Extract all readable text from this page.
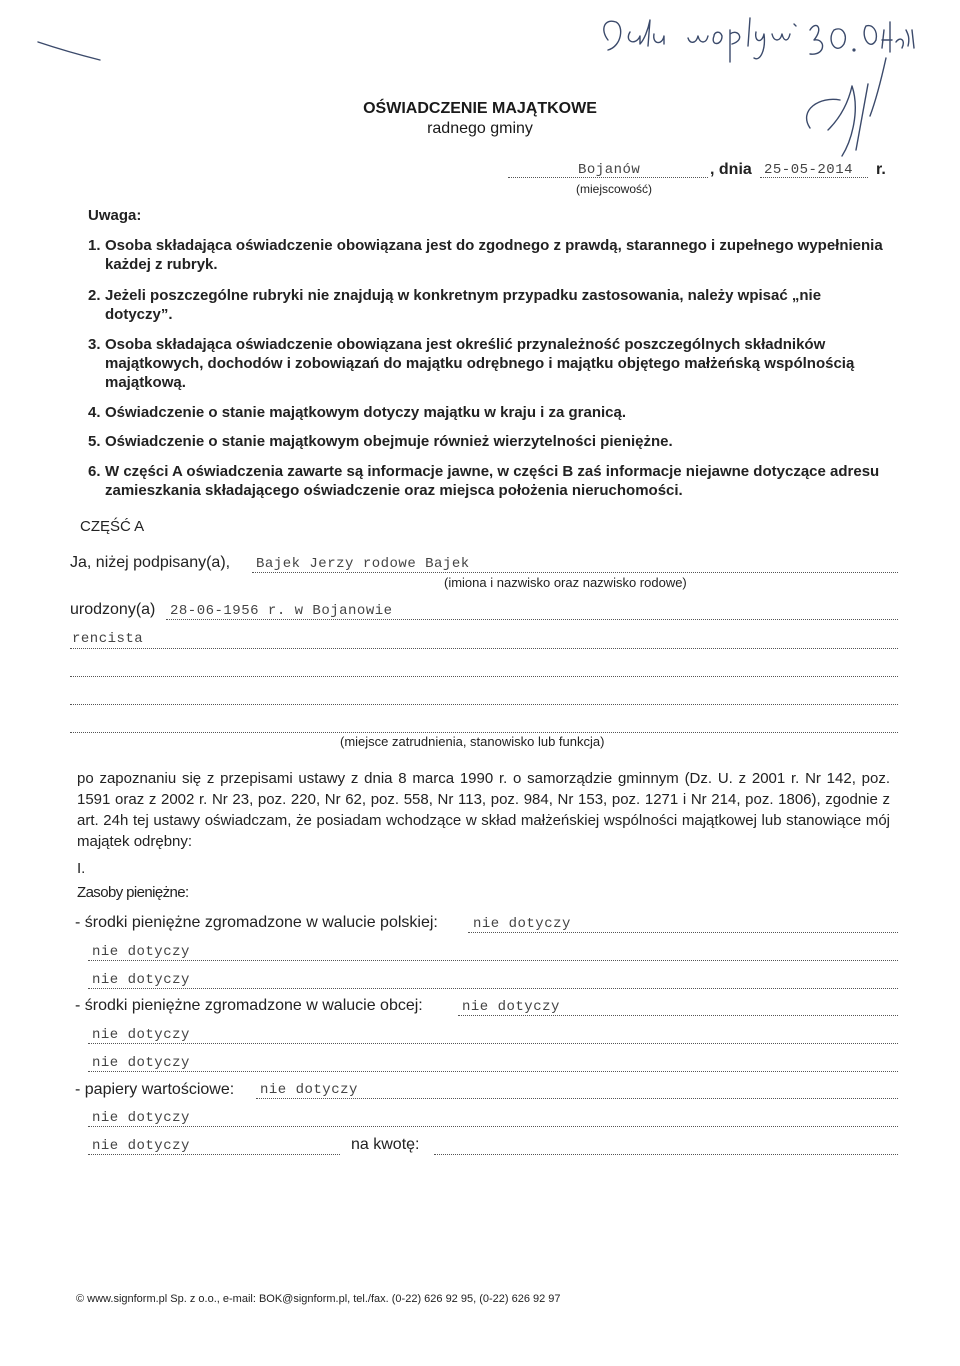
OŚWIADCZENIE MAJĄTKOWE
radnego gminy
Bojanów
(miejscowość)
, dnia 25-05-2014 r.
Uwaga:
1. Osoba składająca oświadczenie obowiązana jest do zgodnego z prawdą, starannego i zupełnego wypełnienia każdej z rubryk.
2. Jeżeli poszczególne rubryki nie znajdują w konkretnym przypadku zastosowania, należy wpisać „nie dotyczy”.
3. Osoba składająca oświadczenie obowiązana jest określić przynależność poszczególnych składników majątkowych, dochodów i zobowiązań do majątku odrębnego i majątku objętego małżeńską wspólnością majątkową.
4. Oświadczenie o stanie majątkowym dotyczy majątku w kraju i za granicą.
5. Oświadczenie o stanie majątkowym obejmuje również wierzytelności pieniężne.
6. W części A oświadczenia zawarte są informacje jawne, w części B zaś informacje niejawne dotyczące adresu zamieszkania składającego oświadczenie oraz miejsca położenia nieruchomości.
CZĘŚĆ A
Ja, niżej podpisany(a), Bajek Jerzy rodowe Bajek
(imiona i nazwisko oraz nazwisko rodowe)
urodzony(a) 28-06-1956 r. w Bojanowie
rencista
(miejsce zatrudnienia, stanowisko lub funkcja)
po zapoznaniu się z przepisami ustawy z dnia 8 marca 1990 r. o samorządzie gminnym (Dz. U. z 2001 r. Nr 142, poz. 1591 oraz z 2002 r. Nr 23, poz. 220, Nr 62, poz. 558, Nr 113, poz. 984, Nr 153, poz. 1271 i Nr 214, poz. 1806), zgodnie z art. 24h tej ustawy oświadczam, że posiadam wchodzące w skład małżeńskiej wspólności majątkowej lub stanowiące mój majątek odrębny:
I.
Zasoby pieniężne:
- środki pieniężne zgromadzone w walucie polskiej:	nie dotyczy
nie dotyczy
nie dotyczy
- środki pieniężne zgromadzone w walucie obcej:	nie dotyczy
nie dotyczy
nie dotyczy
- papiery wartościowe: nie dotyczy
nie dotyczy
nie dotyczy	na kwotę:
© www.signform.pl Sp. z o.o., e-mail: BOK@signform.pl, tel./fax. (0-22) 626 92 95, (0-22) 626 92 97
